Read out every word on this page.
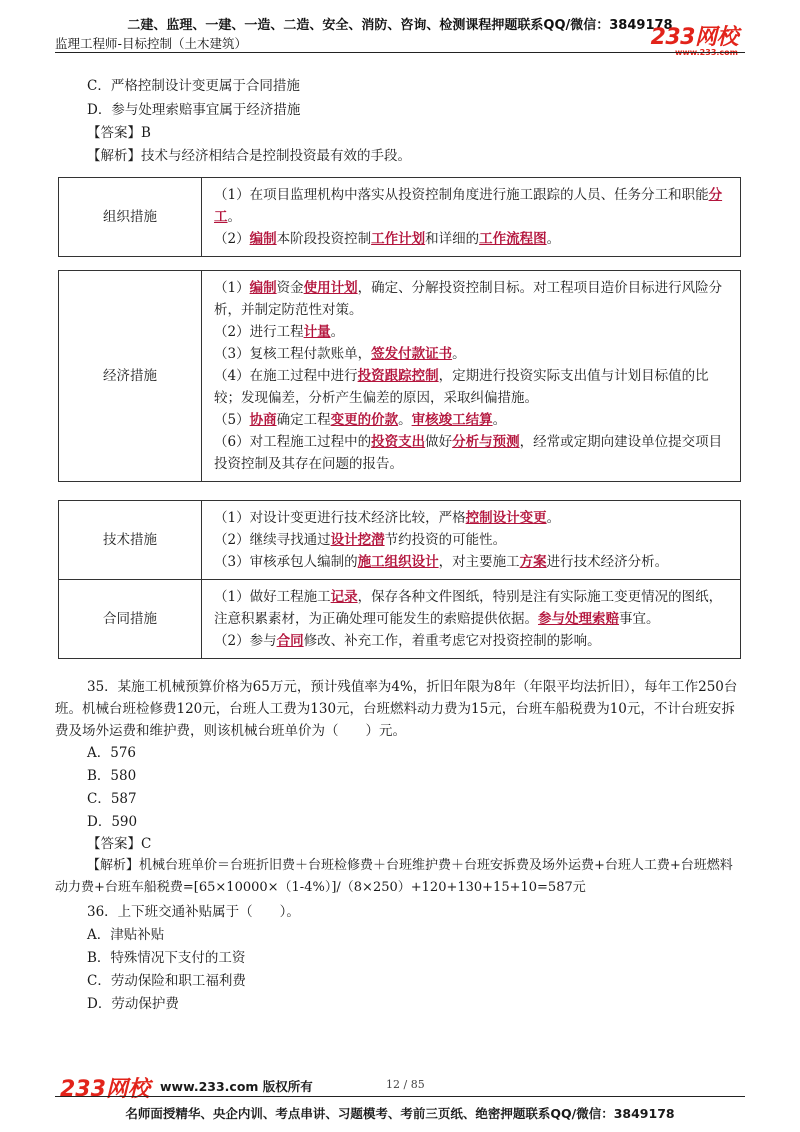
二建、监理、一建、一造、二造、安全、消防、咨询、检测课程押题联系QQ/微信：3849178
监理工程师-目标控制（土木建筑）	233网校
www.233.com
C．严格控制设计变更属于合同措施
D．参与处理索赔事宜属于经济措施
【答案】B
【解析】技术与经济相结合是控制投资最有效的手段。
组织措施	
（1）在项目监理机构中落实从投资控制角度进行施工跟踪的人员、任务分工和职能分工。
（2）编制本阶段投资控制工作计划和详细的工作流程图。
经济措施	
（1）编制资金使用计划，确定、分解投资控制目标。对工程项目造价目标进行风险分析，并制定防范性对策。
（2）进行工程计量。
（3）复核工程付款账单，签发付款证书。
（4）在施工过程中进行投资跟踪控制，定期进行投资实际支出值与计划目标值的比较；发现偏差，分析产生偏差的原因，采取纠偏措施。
（5）协商确定工程变更的价款。审核竣工结算。
（6）对工程施工过程中的投资支出做好分析与预测，经常或定期向建设单位提交项目投资控制及其存在问题的报告。
技术措施	（1）对设计变更进行技术经济比较，严格控制设计变更。
（2）继续寻找通过设计挖潜节约投资的可能性。
（3）审核承包人编制的施工组织设计，对主要施工方案进行技术经济分析。

合同措施	（1）做好工程施工记录，保存各种文件图纸，特别是注有实际施工变更情况的图纸，注意积累素材，为正确处理可能发生的索赔提供依据。参与处理索赔事宜。
（2）参与合同修改、补充工作，着重考虑它对投资控制的影响。
35．某施工机械预算价格为65万元，预计残值率为4%，折旧年限为8年（年限平均法折旧），每年工作250台班。机械台班检修费120元，台班人工费为130元，台班燃料动力费为15元，台班车船税费为10元，不计台班安拆费及场外运费和维护费，则该机械台班单价为（　　）元。
A．576
B．580
C．587
D．590
【答案】C
【解析】机械台班单价＝台班折旧费＋台班检修费＋台班维护费＋台班安拆费及场外运费+台班人工费+台班燃料动力费+台班车船税费=[65×10000×（1-4%）]/（8×250）+120+130+15+10=587元
36．上下班交通补贴属于（　　）。
A．津贴补贴
B．特殊情况下支付的工资
C．劳动保险和职工福利费
D．劳动保护费
233网校 www.233.com 版权所有	12 / 85
名师面授精华、央企内训、考点串讲、习题模考、考前三页纸、绝密押题联系QQ/微信：3849178
